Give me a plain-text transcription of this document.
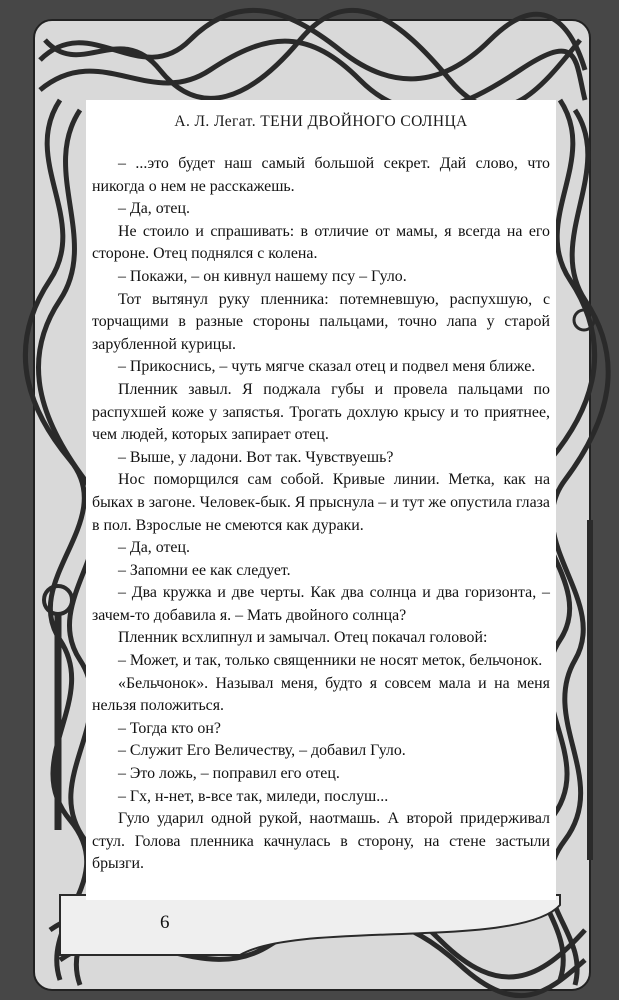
А. Л. Легат. ТЕНИ ДВОЙНОГО СОЛНЦА

– ...это будет наш самый большой секрет. Дай слово, что никогда о нем не расскажешь.

– Да, отец.

Не стоило и спрашивать: в отличие от мамы, я всегда на его стороне. Отец поднялся с колена.

– Покажи, – он кивнул нашему псу – Гуло.

Тот вытянул руку пленника: потемневшую, распухшую, с торчащими в разные стороны пальцами, точно лапа у старой зарубленной курицы.

– Прикоснись, – чуть мягче сказал отец и подвел меня ближе.

Пленник завыл. Я поджала губы и провела пальцами по распухшей коже у запястья. Трогать дохлую крысу и то приятнее, чем людей, которых запирает отец.

– Выше, у ладони. Вот так. Чувствуешь?

Нос поморщился сам собой. Кривые линии. Метка, как на быках в загоне. Человек-бык. Я прыснула – и тут же опустила глаза в пол. Взрослые не смеются как дураки.

– Да, отец.

– Запомни ее как следует.

– Два кружка и две черты. Как два солнца и два горизонта, – зачем-то добавила я. – Мать двойного солнца?

Пленник всхлипнул и замычал. Отец покачал головой:

– Может, и так, только священники не носят меток, бельчонок.

«Бельчонок». Называл меня, будто я совсем мала и на меня нельзя положиться.

– Тогда кто он?

– Служит Его Величеству, – добавил Гуло.

– Это ложь, – поправил его отец.

– Гх, н-нет, в-все так, миледи, послуш...

Гуло ударил одной рукой, наотмашь. А второй придерживал стул. Голова пленника качнулась в сторону, на стене застыли брызги.

6
